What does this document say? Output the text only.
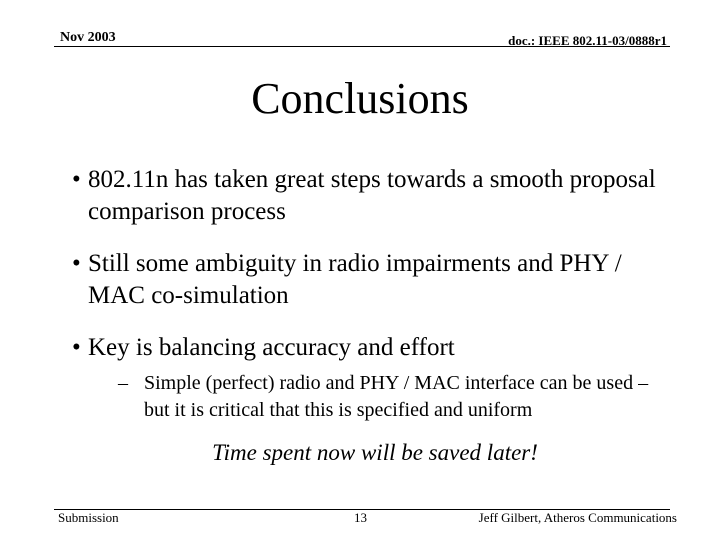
Nov 2003	doc.: IEEE 802.11-03/0888r1
Conclusions
• 802.11n has taken great steps towards a smooth proposal comparison process
• Still some ambiguity in radio impairments and PHY / MAC co-simulation
• Key is balancing accuracy and effort
– Simple (perfect) radio and PHY / MAC interface can be used – but it is critical that this is specified and uniform
Time spent now will be saved later!
Submission	13	Jeff Gilbert, Atheros Communications
